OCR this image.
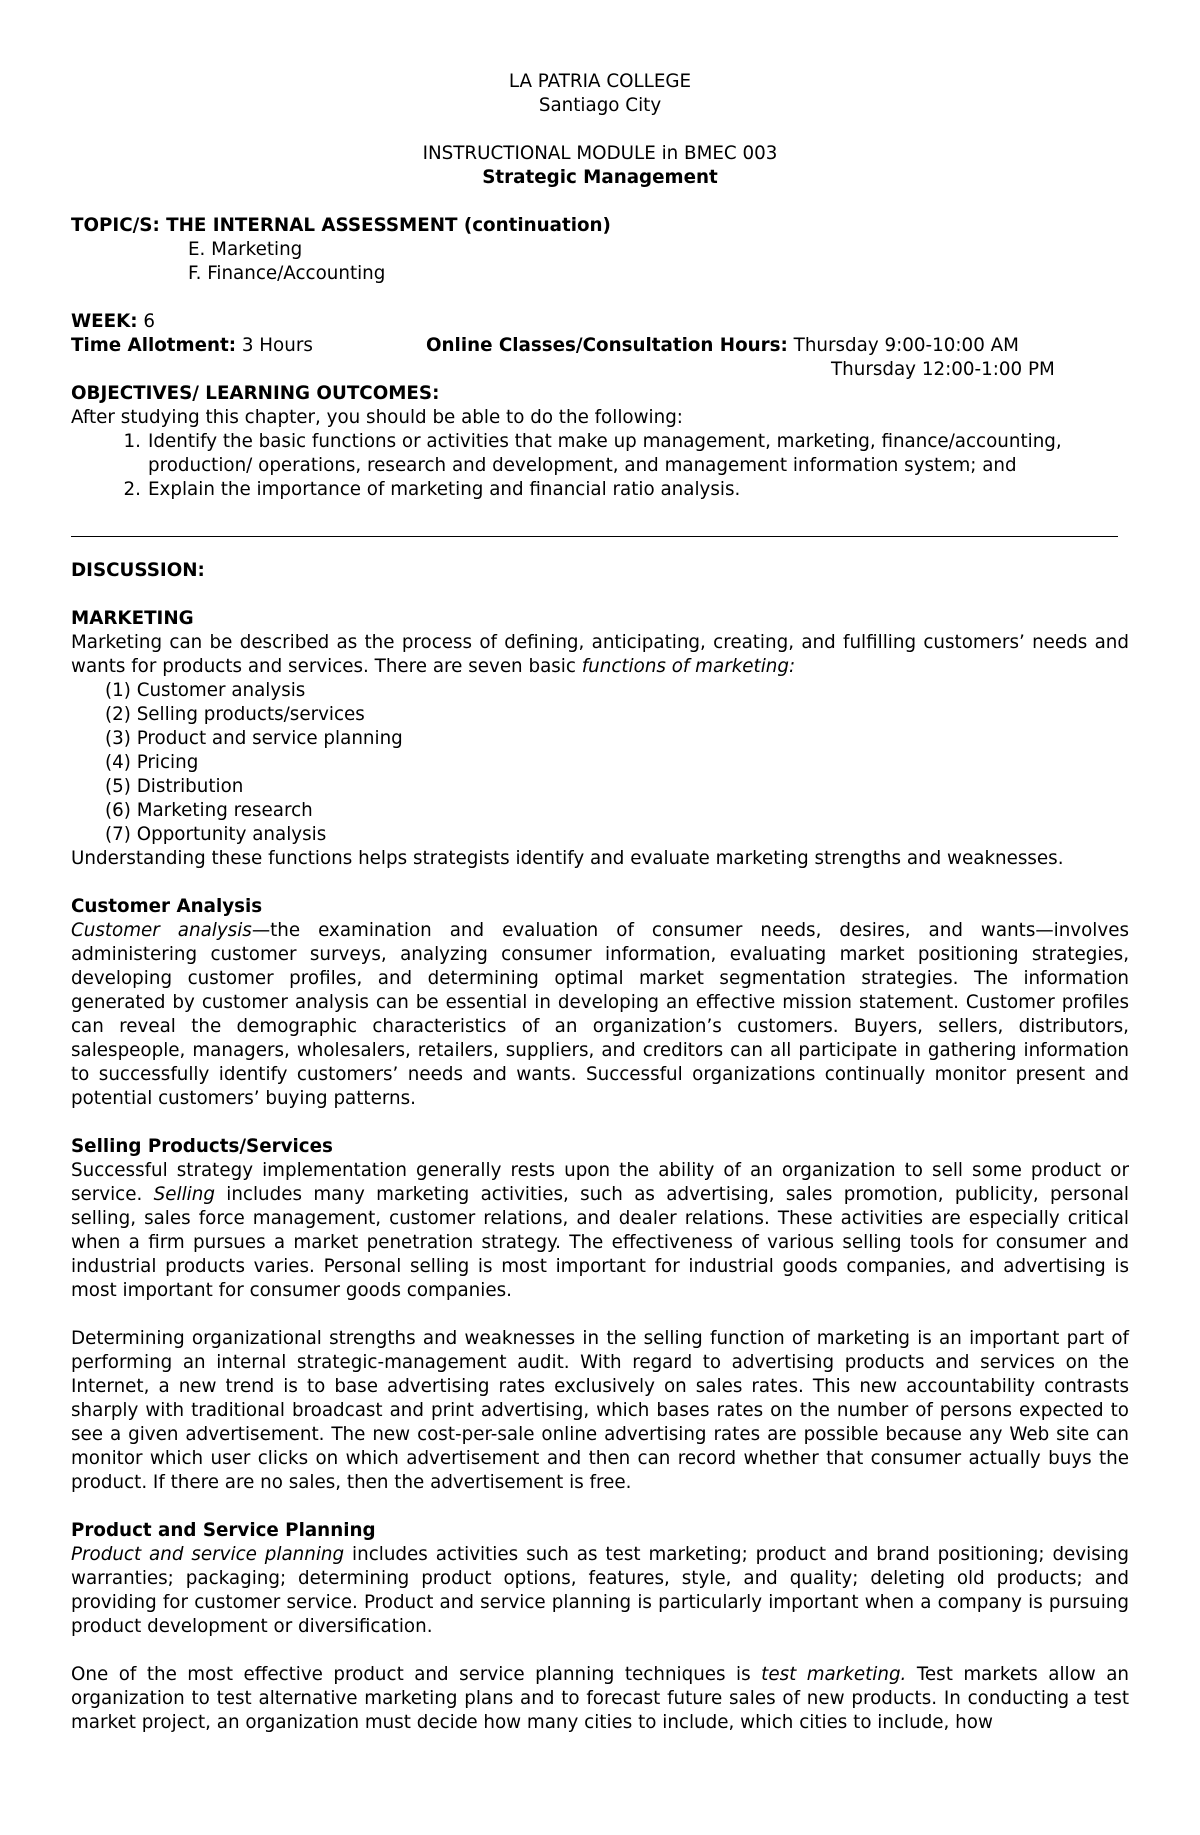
LA PATRIA COLLEGE
Santiago City
INSTRUCTIONAL MODULE in BMEC 003
Strategic Management
TOPIC/S: THE INTERNAL ASSESSMENT (continuation)
E. Marketing
F. Finance/Accounting
WEEK: 6
Time Allotment: 3 Hours	Online Classes/Consultation Hours: Thursday 9:00-10:00 AM
Thursday 12:00-1:00 PM
OBJECTIVES/ LEARNING OUTCOMES:
After studying this chapter, you should be able to do the following:
1. Identify the basic functions or activities that make up management, marketing, finance/accounting, production/ operations, research and development, and management information system; and
2. Explain the importance of marketing and financial ratio analysis.
DISCUSSION:
MARKETING

Marketing can be described as the process of defining, anticipating, creating, and fulfilling customers’ needs and wants for products and services. There are seven basic functions of marketing:

(1) Customer analysis
(2) Selling products/services
(3) Product and service planning
(4) Pricing
(5) Distribution
(6) Marketing research
(7) Opportunity analysis

Understanding these functions helps strategists identify and evaluate marketing strengths and weaknesses.

Customer Analysis

Customer analysis—the examination and evaluation of consumer needs, desires, and wants—involves administering customer surveys, analyzing consumer information, evaluating market positioning strategies, developing customer profiles, and determining optimal market segmentation strategies. The information generated by customer analysis can be essential in developing an effective mission statement. Customer profiles can reveal the demographic characteristics of an organization’s customers. Buyers, sellers, distributors, salespeople, managers, wholesalers, retailers, suppliers, and creditors can all participate in gathering information to successfully identify customers’ needs and wants. Successful organizations continually monitor present and potential customers’ buying patterns.

Selling Products/Services

Successful strategy implementation generally rests upon the ability of an organization to sell some product or service. Selling includes many marketing activities, such as advertising, sales promotion, publicity, personal selling, sales force management, customer relations, and dealer relations. These activities are especially critical when a firm pursues a market penetration strategy. The effectiveness of various selling tools for consumer and industrial products varies. Personal selling is most important for industrial goods companies, and advertising is most important for consumer goods companies.

Determining organizational strengths and weaknesses in the selling function of marketing is an important part of performing an internal strategic-management audit. With regard to advertising products and services on the Internet, a new trend is to base advertising rates exclusively on sales rates. This new accountability contrasts sharply with traditional broadcast and print advertising, which bases rates on the number of persons expected to see a given advertisement. The new cost-per-sale online advertising rates are possible because any Web site can monitor which user clicks on which advertisement and then can record whether that consumer actually buys the product. If there are no sales, then the advertisement is free.

Product and Service Planning

Product and service planning includes activities such as test marketing; product and brand positioning; devising warranties; packaging; determining product options, features, style, and quality; deleting old products; and providing for customer service. Product and service planning is particularly important when a company is pursuing product development or diversification.

One of the most effective product and service planning techniques is test marketing. Test markets allow an organization to test alternative marketing plans and to forecast future sales of new products. In conducting a test market project, an organization must decide how many cities to include, which cities to include, how
